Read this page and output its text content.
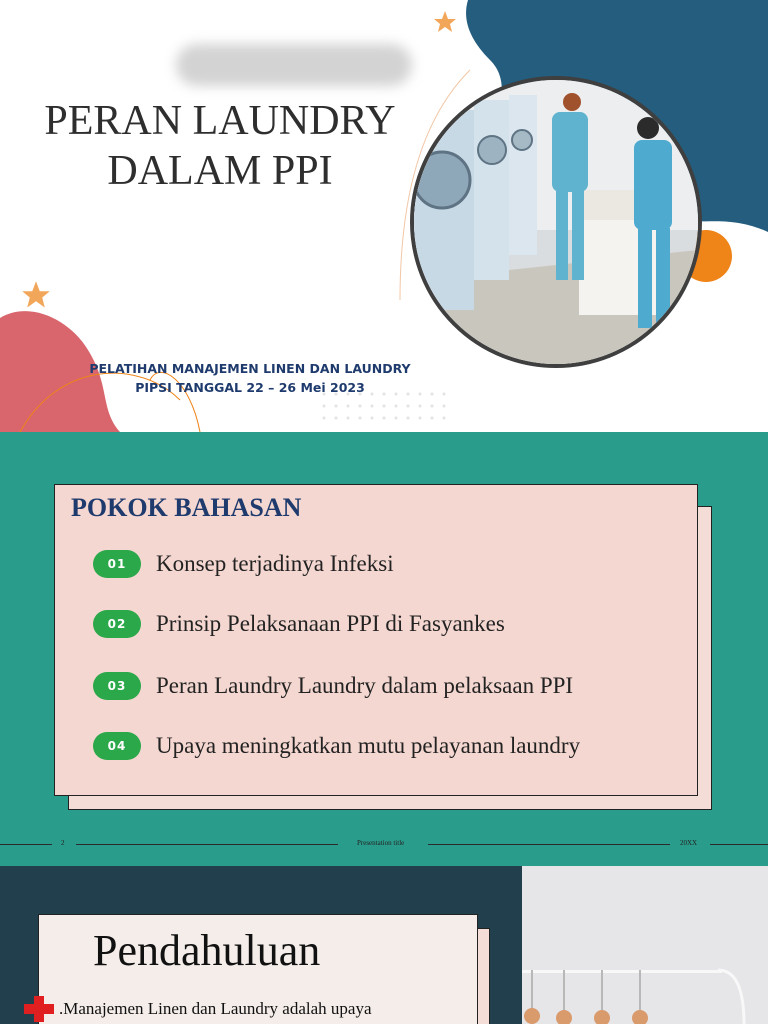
PERAN LAUNDRY
DALAM PPI
PELATIHAN MANAJEMEN LINEN DAN LAUNDRY
PIPSI TANGGAL 22 – 26 Mei 2023
POKOK BAHASAN
01	Konsep terjadinya Infeksi
02	Prinsip Pelaksanaan PPI di Fasyankes
03	Peran Laundry Laundry dalam pelaksaan PPI
04	Upaya meningkatkan mutu pelayanan laundry
2	Presentation title	20XX
Pendahuluan
.Manajemen Linen dan Laundry adalah upaya
